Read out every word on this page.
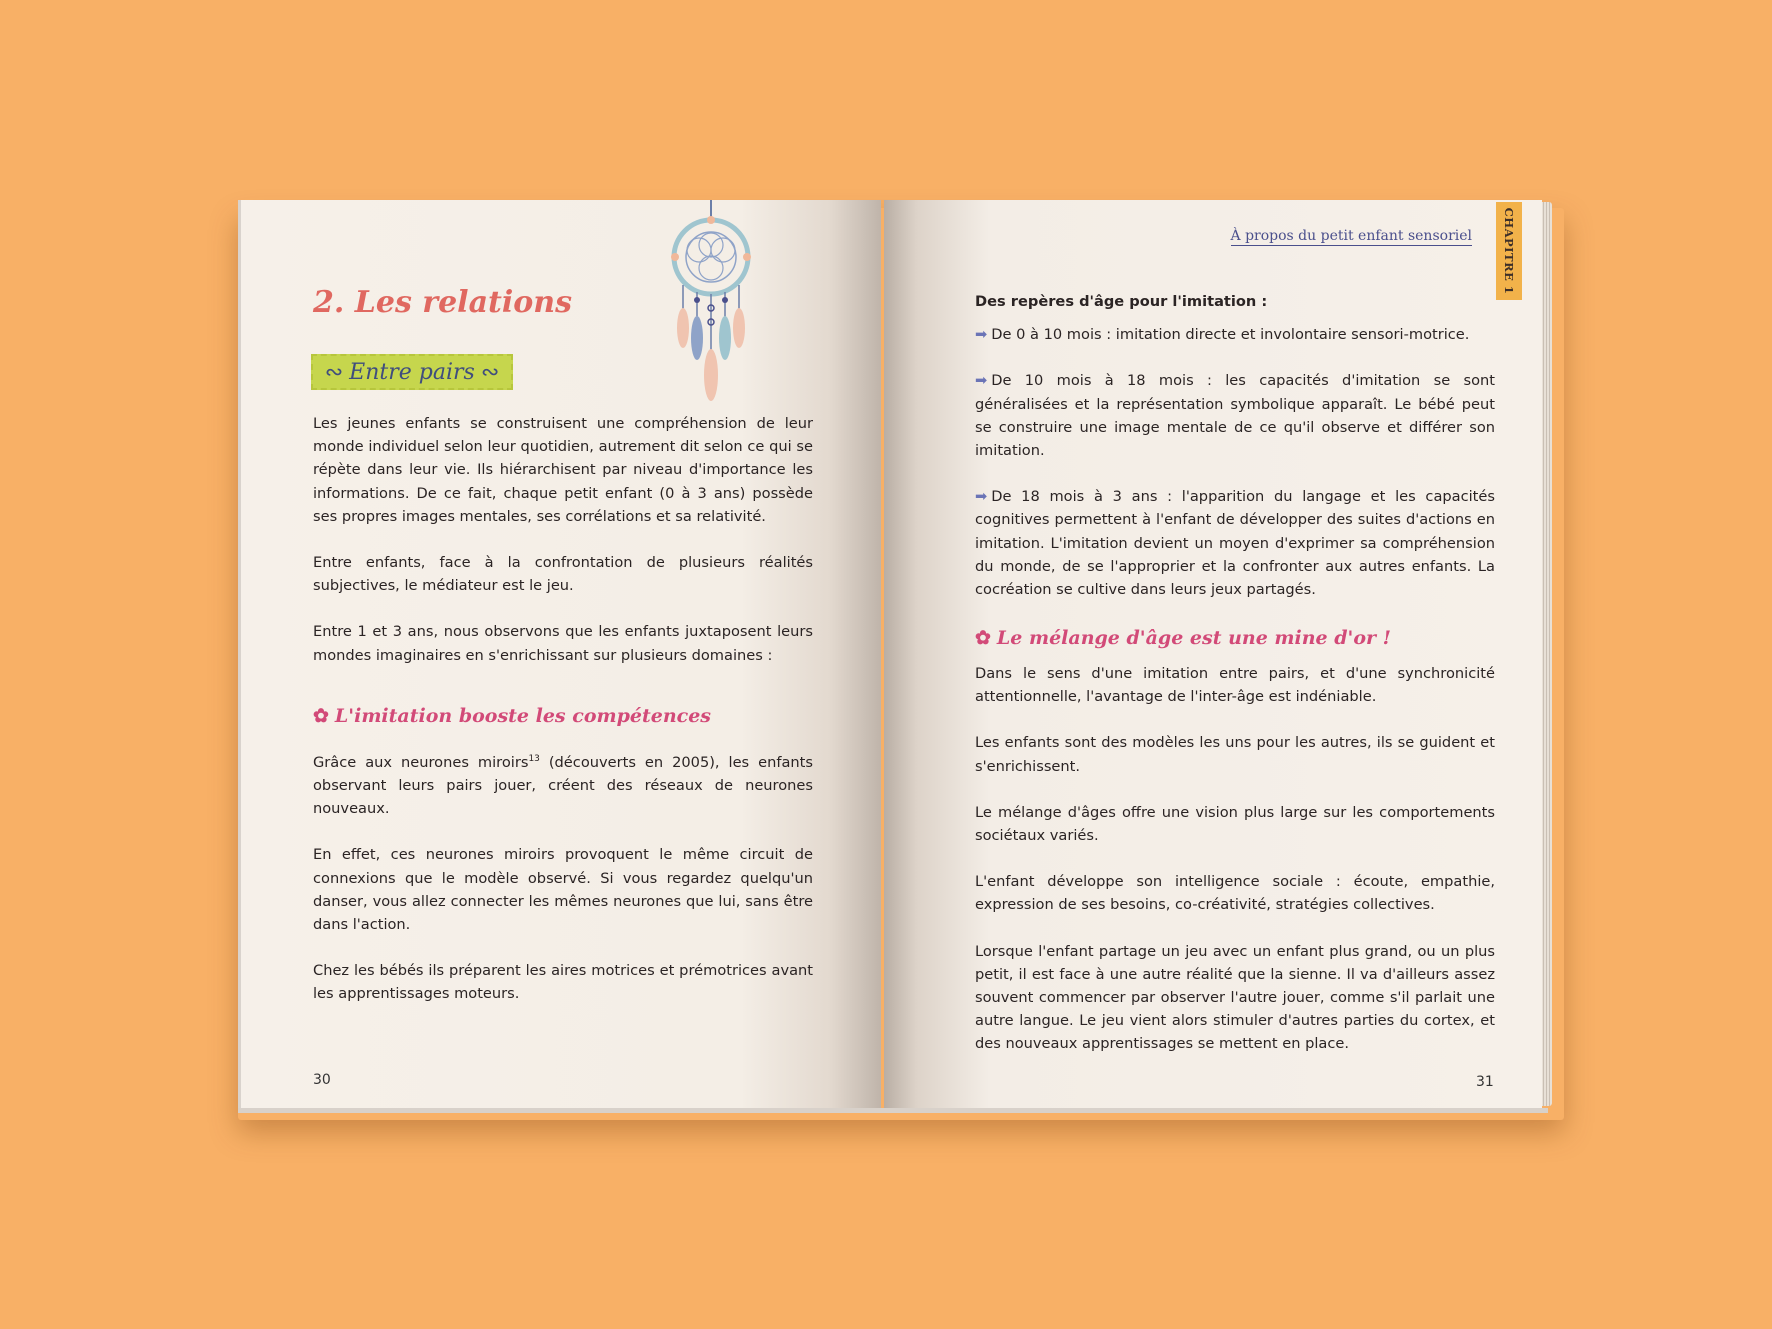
2. Les relations
∾ Entre pairs ∾

Les jeunes enfants se construisent une compréhension de leur monde individuel selon leur quotidien, autrement dit selon ce qui se répète dans leur vie. Ils hiérarchisent par niveau d'importance les informations. De ce fait, chaque petit enfant (0 à 3 ans) possède ses propres images mentales, ses corrélations et sa relativité.

Entre enfants, face à la confrontation de plusieurs réalités subjectives, le médiateur est le jeu.

Entre 1 et 3 ans, nous observons que les enfants juxtaposent leurs mondes imaginaires en s'enrichissant sur plusieurs domaines :

✿ L'imitation booste les compétences

Grâce aux neurones miroirs$^{13}$ (découverts en 2005), les enfants observant leurs pairs jouer, créent des réseaux de neurones nouveaux.

En effet, ces neurones miroirs provoquent le même circuit de connexions que le modèle observé. Si vous regardez quelqu'un danser, vous allez connecter les mêmes neurones que lui, sans être dans l'action.

Chez les bébés ils préparent les aires motrices et prémotrices avant les apprentissages moteurs.

30
À propos du petit enfant sensoriel

Des repères d'âge pour l'imitation :

➡ De 0 à 10 mois : imitation directe et involontaire sensori-motrice.

➡ De 10 mois à 18 mois : les capacités d'imitation se sont généralisées et la représentation symbolique apparaît. Le bébé peut se construire une image mentale de ce qu'il observe et différer son imitation.

➡ De 18 mois à 3 ans : l'apparition du langage et les capacités cognitives permettent à l'enfant de développer des suites d'actions en imitation. L'imitation devient un moyen d'exprimer sa compréhension du monde, de se l'approprier et la confronter aux autres enfants. La cocréation se cultive dans leurs jeux partagés.

✿ Le mélange d'âge est une mine d'or !

Dans le sens d'une imitation entre pairs, et d'une synchronicité attentionnelle, l'avantage de l'inter-âge est indéniable.

Les enfants sont des modèles les uns pour les autres, ils se guident et s'enrichissent.

Le mélange d'âges offre une vision plus large sur les comportements sociétaux variés.

L'enfant développe son intelligence sociale : écoute, empathie, expression de ses besoins, co-créativité, stratégies collectives.

Lorsque l'enfant partage un jeu avec un enfant plus grand, ou un plus petit, il est face à une autre réalité que la sienne. Il va d'ailleurs assez souvent commencer par observer l'autre jouer, comme s'il parlait une autre langue. Le jeu vient alors stimuler d'autres parties du cortex, et des nouveaux apprentissages se mettent en place.

31
CHAPITRE 1
